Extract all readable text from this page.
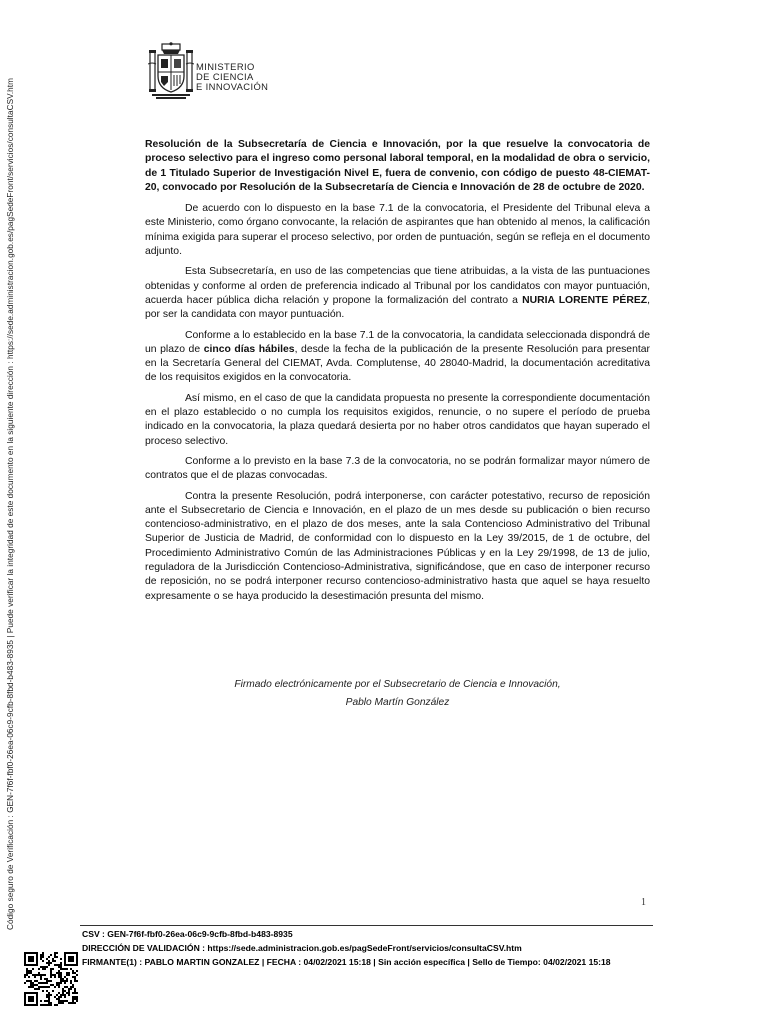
Código seguro de Verificación : GEN-7f6f-fbf0-26ea-06c9-9cfb-8fbd-b483-8935 | Puede verificar la integridad de este documento en la siguiente dirección : https://sede.administracion.gob.es/pagSedeFront/servicios/consultaCSV.htm
MINISTERIO
DE CIENCIA
E INNOVACIÓN

Resolución de la Subsecretaría de Ciencia e Innovación, por la que resuelve la convocatoria de proceso selectivo para el ingreso como personal laboral temporal, en la modalidad de obra o servicio, de 1 Titulado Superior de Investigación Nivel E, fuera de convenio, con código de puesto 48-CIEMAT-20, convocado por Resolución de la Subsecretaría de Ciencia e Innovación de 28 de octubre de 2020.

De acuerdo con lo dispuesto en la base 7.1 de la convocatoria, el Presidente del Tribunal eleva a este Ministerio, como órgano convocante, la relación de aspirantes que han obtenido al menos, la calificación mínima exigida para superar el proceso selectivo, por orden de puntuación, según se refleja en el documento adjunto.

Esta Subsecretaría, en uso de las competencias que tiene atribuidas, a la vista de las puntuaciones obtenidas y conforme al orden de preferencia indicado al Tribunal por los candidatos con mayor puntuación, acuerda hacer pública dicha relación y propone la formalización del contrato a NURIA LORENTE PÉREZ, por ser la candidata con mayor puntuación.

Conforme a lo establecido en la base 7.1 de la convocatoria, la candidata seleccionada dispondrá de un plazo de cinco días hábiles, desde la fecha de la publicación de la presente Resolución para presentar en la Secretaría General del CIEMAT, Avda. Complutense, 40 28040-Madrid, la documentación acreditativa de los requisitos exigidos en la convocatoria.

Así mismo, en el caso de que la candidata propuesta no presente la correspondiente documentación en el plazo establecido o no cumpla los requisitos exigidos, renuncie, o no supere el período de prueba indicado en la convocatoria, la plaza quedará desierta por no haber otros candidatos que hayan superado el proceso selectivo.

Conforme a lo previsto en la base 7.3 de la convocatoria, no se podrán formalizar mayor número de contratos que el de plazas convocadas.

Contra la presente Resolución, podrá interponerse, con carácter potestativo, recurso de reposición ante el Subsecretario de Ciencia e Innovación, en el plazo de un mes desde su publicación o bien recurso contencioso-administrativo, en el plazo de dos meses, ante la sala Contencioso Administrativo del Tribunal Superior de Justicia de Madrid, de conformidad con lo dispuesto en la Ley 39/2015, de 1 de octubre, del Procedimiento Administrativo Común de las Administraciones Públicas y en la Ley 29/1998, de 13 de julio, reguladora de la Jurisdicción Contencioso-Administrativa, significándose, que en caso de interponer recurso de reposición, no se podrá interponer recurso contencioso-administrativo hasta que aquel se haya resuelto expresamente o se haya producido la desestimación presunta del mismo.

Firmado electrónicamente por el Subsecretario de Ciencia e Innovación,
Pablo Martín González
1
CSV : GEN-7f6f-fbf0-26ea-06c9-9cfb-8fbd-b483-8935
DIRECCIÓN DE VALIDACIÓN : https://sede.administracion.gob.es/pagSedeFront/servicios/consultaCSV.htm
FIRMANTE(1) : PABLO MARTIN GONZALEZ | FECHA : 04/02/2021 15:18 | Sin acción específica | Sello de Tiempo: 04/02/2021 15:18
